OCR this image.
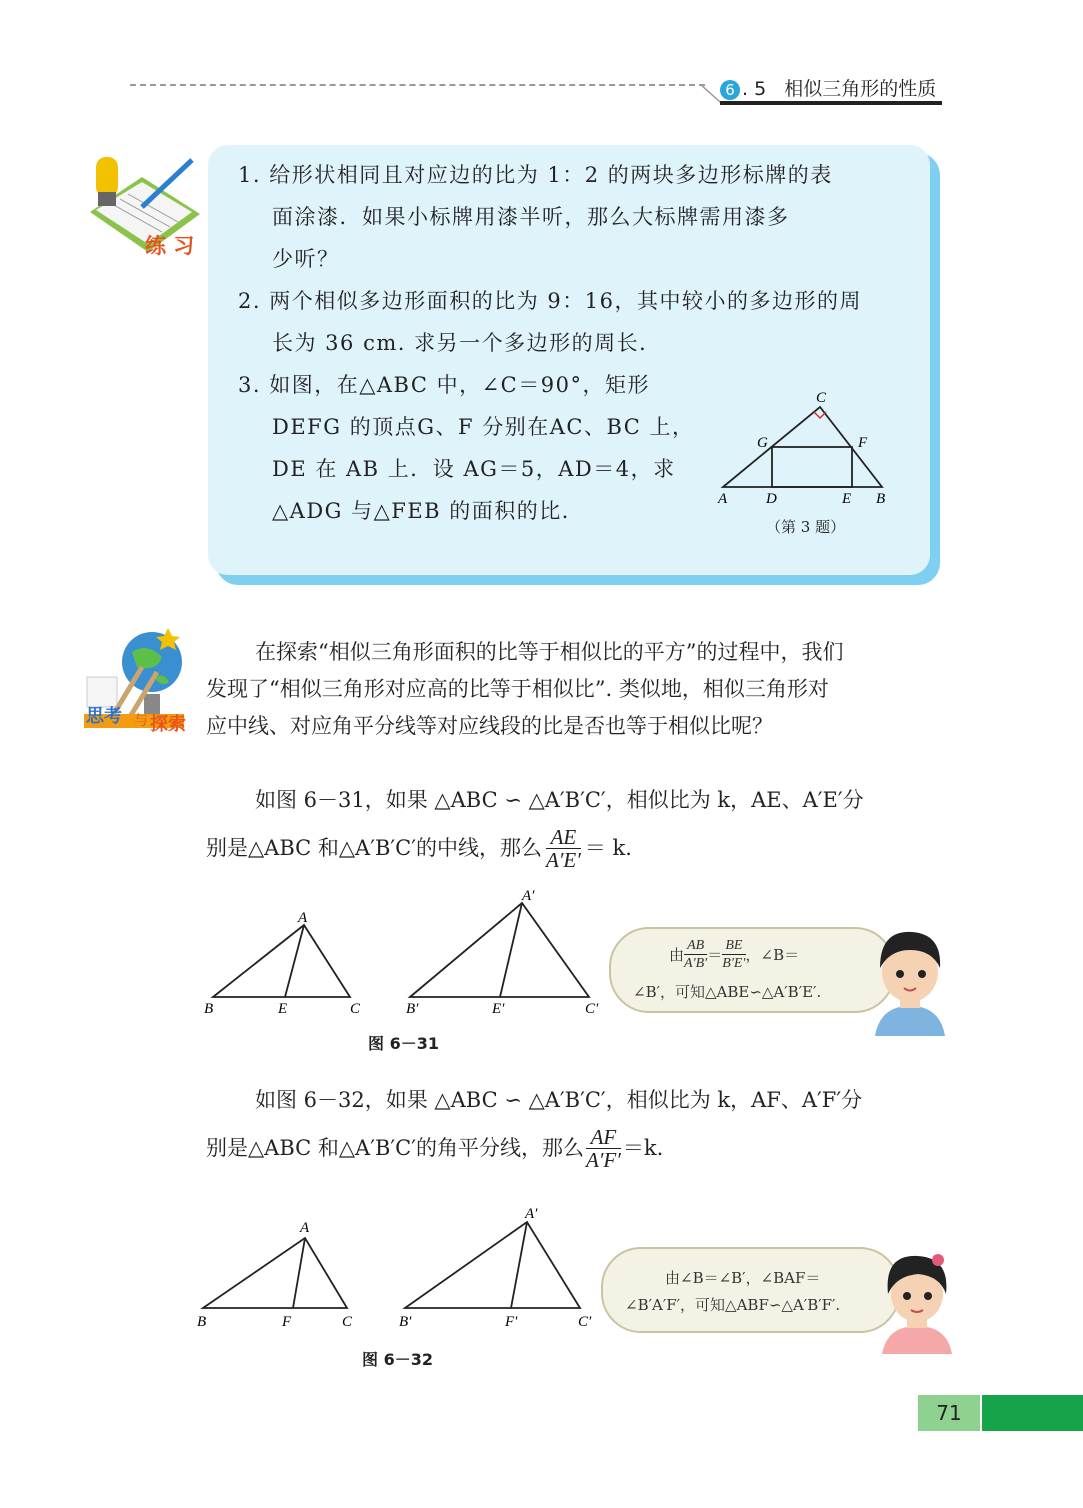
6 . 5 相似三角形的性质
练 习
1. 给形状相同且对应边的比为 1：2 的两块多边形标牌的表
面涂漆．如果小标牌用漆半听，那么大标牌需用漆多
少听？
2. 两个相似多边形面积的比为 9：16，其中较小的多边形的周
长为 36 cm. 求另一个多边形的周长．
3. 如图，在△ABC 中，∠C＝90°，矩形
DEFG 的顶点G、F 分别在AC、BC 上，
DE 在 AB 上．设 AG＝5，AD＝4，求
△ADG 与△FEB 的面积的比．
C
G	F
A	D	E B
（第 3 题）
思考 与 探索
在探索“相似三角形面积的比等于相似比的平方”的过程中，我们
发现了“相似三角形对应高的比等于相似比”. 类似地，相似三角形对
应中线、对应角平分线等对应线段的比是否也等于相似比呢？
如图 6－31，如果 △ABC ∽ △A′B′C′，相似比为 k，AE、A′E′分
别是△ABC 和△A′B′C′的中线，那么 $\frac{AE}{A'E'} = k$.
A
B	E	C
A′
B′	E′	C′
图 6－31
由 $\frac{AB}{A'B'} = \frac{BE}{B'E'}$ ，∠B＝
∠B′，可知△ABE∽△A′B′E′.
如图 6－32，如果 △ABC ∽ △A′B′C′，相似比为 k，AF、A′F′分
别是△ABC 和△A′B′C′的角平分线，那么 $\frac{AF}{A'F'} =k$.
A
B	F	C
A′
B′	F′	C′
图 6－32
由∠B＝∠B′，∠BAF＝
∠B′A′F′，可知△ABF∽△A′B′F′.
71
